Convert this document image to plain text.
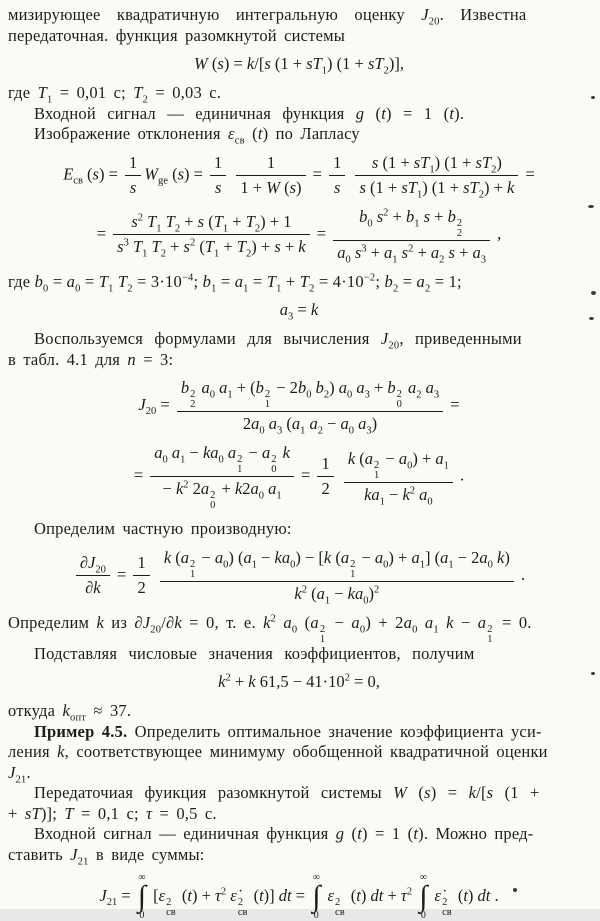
мизирующее квадратичную интегральную оценку $J_{20}$. Известна
передаточная. функция разомкнутой системы
W (s) = k/[s $(1 + sT_1)$ $(1 + sT_2)$],
где $T_1 = 0,01$ с; $T_2 = 0,03$ с.
Входной сигнал — единичная функция g (t) = 1 (t).
Изображение отклонения $\varepsilon_{св}$ (t) по Лапласу
$E_{св}$ $(s) = \frac{1}{s} W_{ge}$ $(s) = \frac{1}{s}$
$\frac{1}{1 + W (s)} = \frac{1}{s}$
$\frac{s (1 + sT_1) (1 + sT_2)}{s (1 + sT_1) (1 + sT_2) + k}$ =
= $\frac{s^2 T_1 T_2 + s (T_1 + T_2) + 1}{s^3 T_1 T_2 + s^2 (T_1 + T_2) + s + k} = b_0$ $s^2 + b_1$ s + b 2
2
$a_0$ $s^3 + a_1$ $s^2 + a_2$ $s + a_3$ ,
где $b_0 = a_0 = T_1$ $T_2 = 3\cdot 10^{-4}$; $b_1 = a_1 = T_1 + T_2 = 4\cdot 10^{-2}$; $b_2 = a_2 = 1$;
$a_3 = k$
Воспользуемся формулами для вычисления $J_{20}$, приведенными
в табл. 4.1 для n = 3:
$J_{20} = b$ 2
2
$a_0$ $a_1 + (b$ 2
1
− $2b_0$ $b_2$) $a_0$ $a_3 + b$ 2
0
$a_2$ $a_3$
$2a_0$ $a_3$ ($a_1$ $a_2 - a_0$ $a_3$) =
= $a_0$ $a_1 - ka_0$ a 2
1
− a 2
0
k
− $k^2$ 2a 2
0
+ $k2a_0$ $a_1 = \frac{1}{2}$
k (a 2
1
− $a_0) + a_1$
$ka_1 - k^2$ $a_0$ .
Определим частную производную:
$\frac{\partial J_{20}}{\partial k} = \frac{1}{2}$
k (a 2
1
− $a_0$) $(a_1 - ka_0) - [k$ (a 2
1
− $a_0) + a_1$] ($a_1 - 2a_0$ k)
$k^2$ $(a_1 - ka_0)^2$ .
Определим k из $\partial J_{20}/\partial k = 0$, т. е. $k^2$ $a_0$ (a 2
1
− $a_0) + 2a_0$ $a_1$ k − a 2
1
= 0.
Подставляя числовые значения коэффициентов, получим
$k^2 + k$ $61,5 - 41\cdot 10^2 = 0$,
откуда $k_{опт} \approx 37$.
Пример 4.5. Определить оптимальное значение коэффициента уси-
ления k, соответствующее минимуму обобщенной квадратичной оценки
$J_{21}$.
Передаточиая фуикция разомкнутой системы W (s) = k/[s (1 +
+ sT)]; T = 0,1 с; τ = 0,5 с.
Входной сигнал — единичная функция g (t) = 1 (t). Можно пред-
ставить $J_{21}$ в виде суммы:
$J_{21}$ =
∞
∫
0
[ε 2
св
$(t) + \tau^2$ ε̇ 2
св
(t)] dt =
∞
∫
0
ε 2
св
(t) dt + $\tau^2$
∞
∫
0
ε̇ 2
св
(t) dt .
